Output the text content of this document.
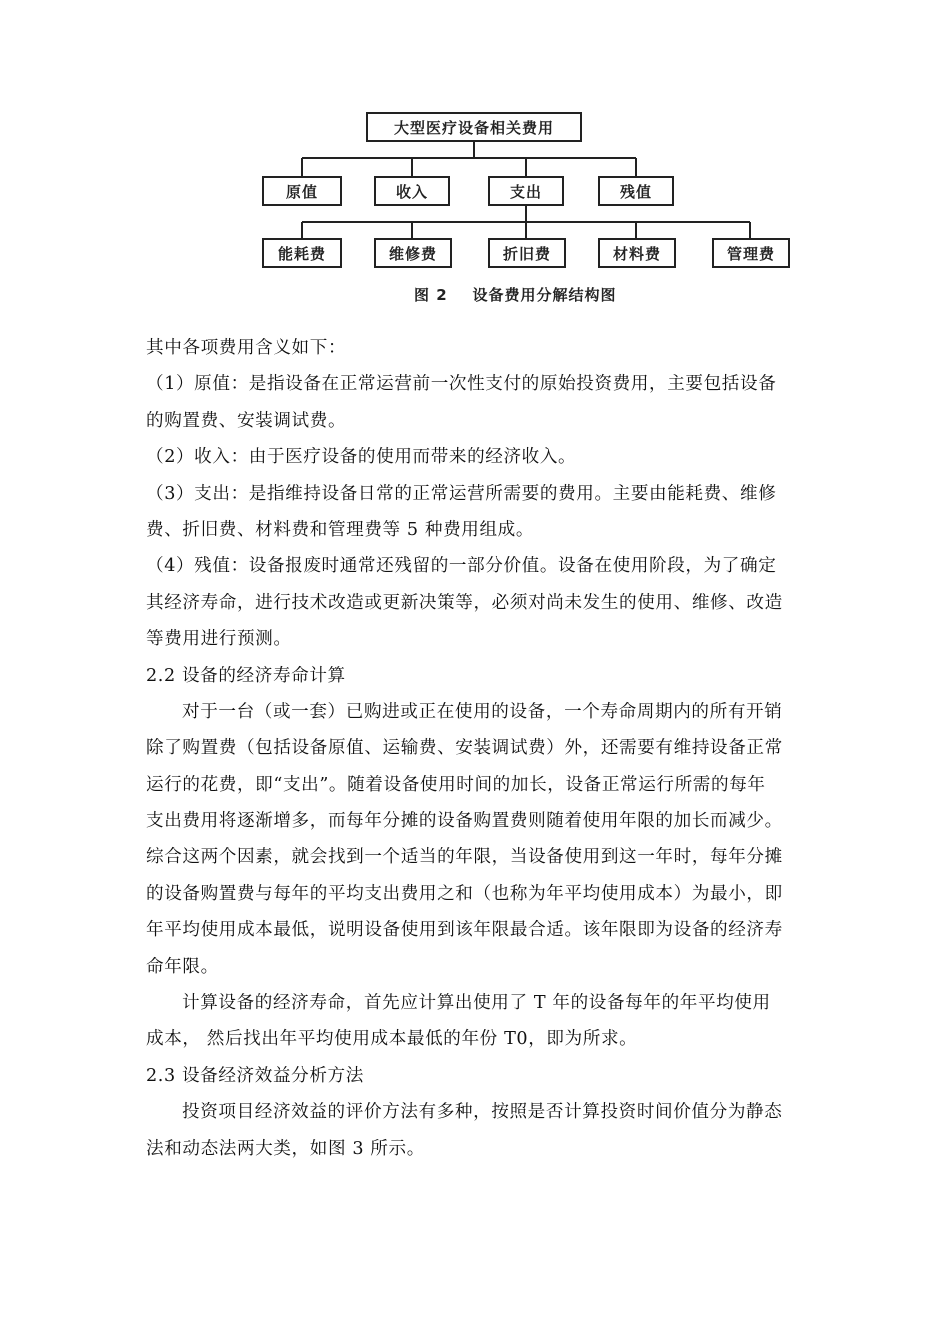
大型医疗设备相关费用
原值	收入	支出	残值
能耗费	维修费	折旧费	材料费	管理费
图 2    设备费用分解结构图
其中各项费用含义如下：
（1）原值：是指设备在正常运营前一次性支付的原始投资费用，主要包括设备
的购置费、安装调试费。
（2）收入：由于医疗设备的使用而带来的经济收入。
（3）支出：是指维持设备日常的正常运营所需要的费用。主要由能耗费、维修
费、折旧费、材料费和管理费等 5 种费用组成。
（4）残值：设备报废时通常还残留的一部分价值。设备在使用阶段，为了确定
其经济寿命，进行技术改造或更新决策等，必须对尚未发生的使用、维修、改造
等费用进行预测。
2.2 设备的经济寿命计算
对于一台（或一套）已购进或正在使用的设备，一个寿命周期内的所有开销
除了购置费（包括设备原值、运输费、安装调试费）外，还需要有维持设备正常
运行的花费，即“支出”。随着设备使用时间的加长，设备正常运行所需的每年
支出费用将逐渐增多，而每年分摊的设备购置费则随着使用年限的加长而减少。
综合这两个因素，就会找到一个适当的年限，当设备使用到这一年时，每年分摊
的设备购置费与每年的平均支出费用之和（也称为年平均使用成本）为最小，即
年平均使用成本最低，说明设备使用到该年限最合适。该年限即为设备的经济寿
命年限。
计算设备的经济寿命，首先应计算出使用了 T 年的设备每年的年平均使用
成本， 然后找出年平均使用成本最低的年份 T0，即为所求。
2.3 设备经济效益分析方法
投资项目经济效益的评价方法有多种，按照是否计算投资时间价值分为静态
法和动态法两大类，如图 3 所示。
